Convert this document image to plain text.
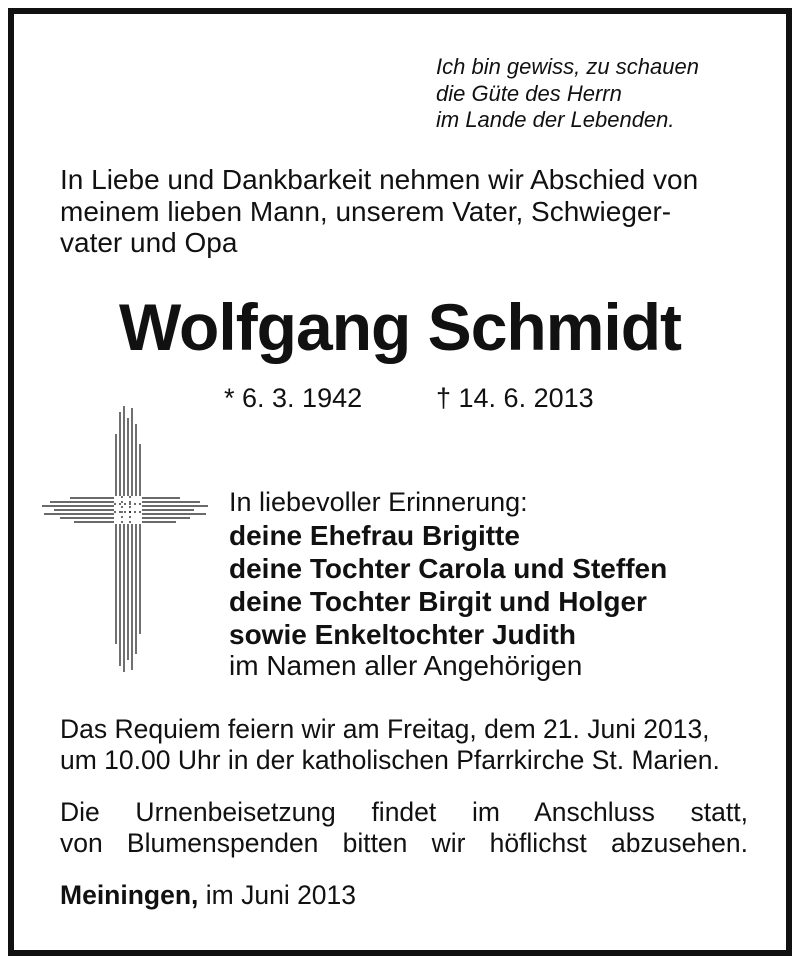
Ich bin gewiss, zu schauen
die Güte des Herrn
im Lande der Lebenden.
In Liebe und Dankbarkeit nehmen wir Abschied von
meinem lieben Mann, unserem Vater, Schwieger-
vater und Opa
Wolfgang Schmidt
* 6. 3. 1942	† 14. 6. 2013
In liebevoller Erinnerung:
deine Ehefrau Brigitte
deine Tochter Carola und Steffen
deine Tochter Birgit und Holger
sowie Enkeltochter Judith
im Namen aller Angehörigen
Das Requiem feiern wir am Freitag, dem 21. Juni 2013,
um 10.00 Uhr in der katholischen Pfarrkirche St. Marien.
Die Urnenbeisetzung findet im Anschluss statt,
von Blumenspenden bitten wir höflichst abzusehen.
Meiningen, im Juni 2013
